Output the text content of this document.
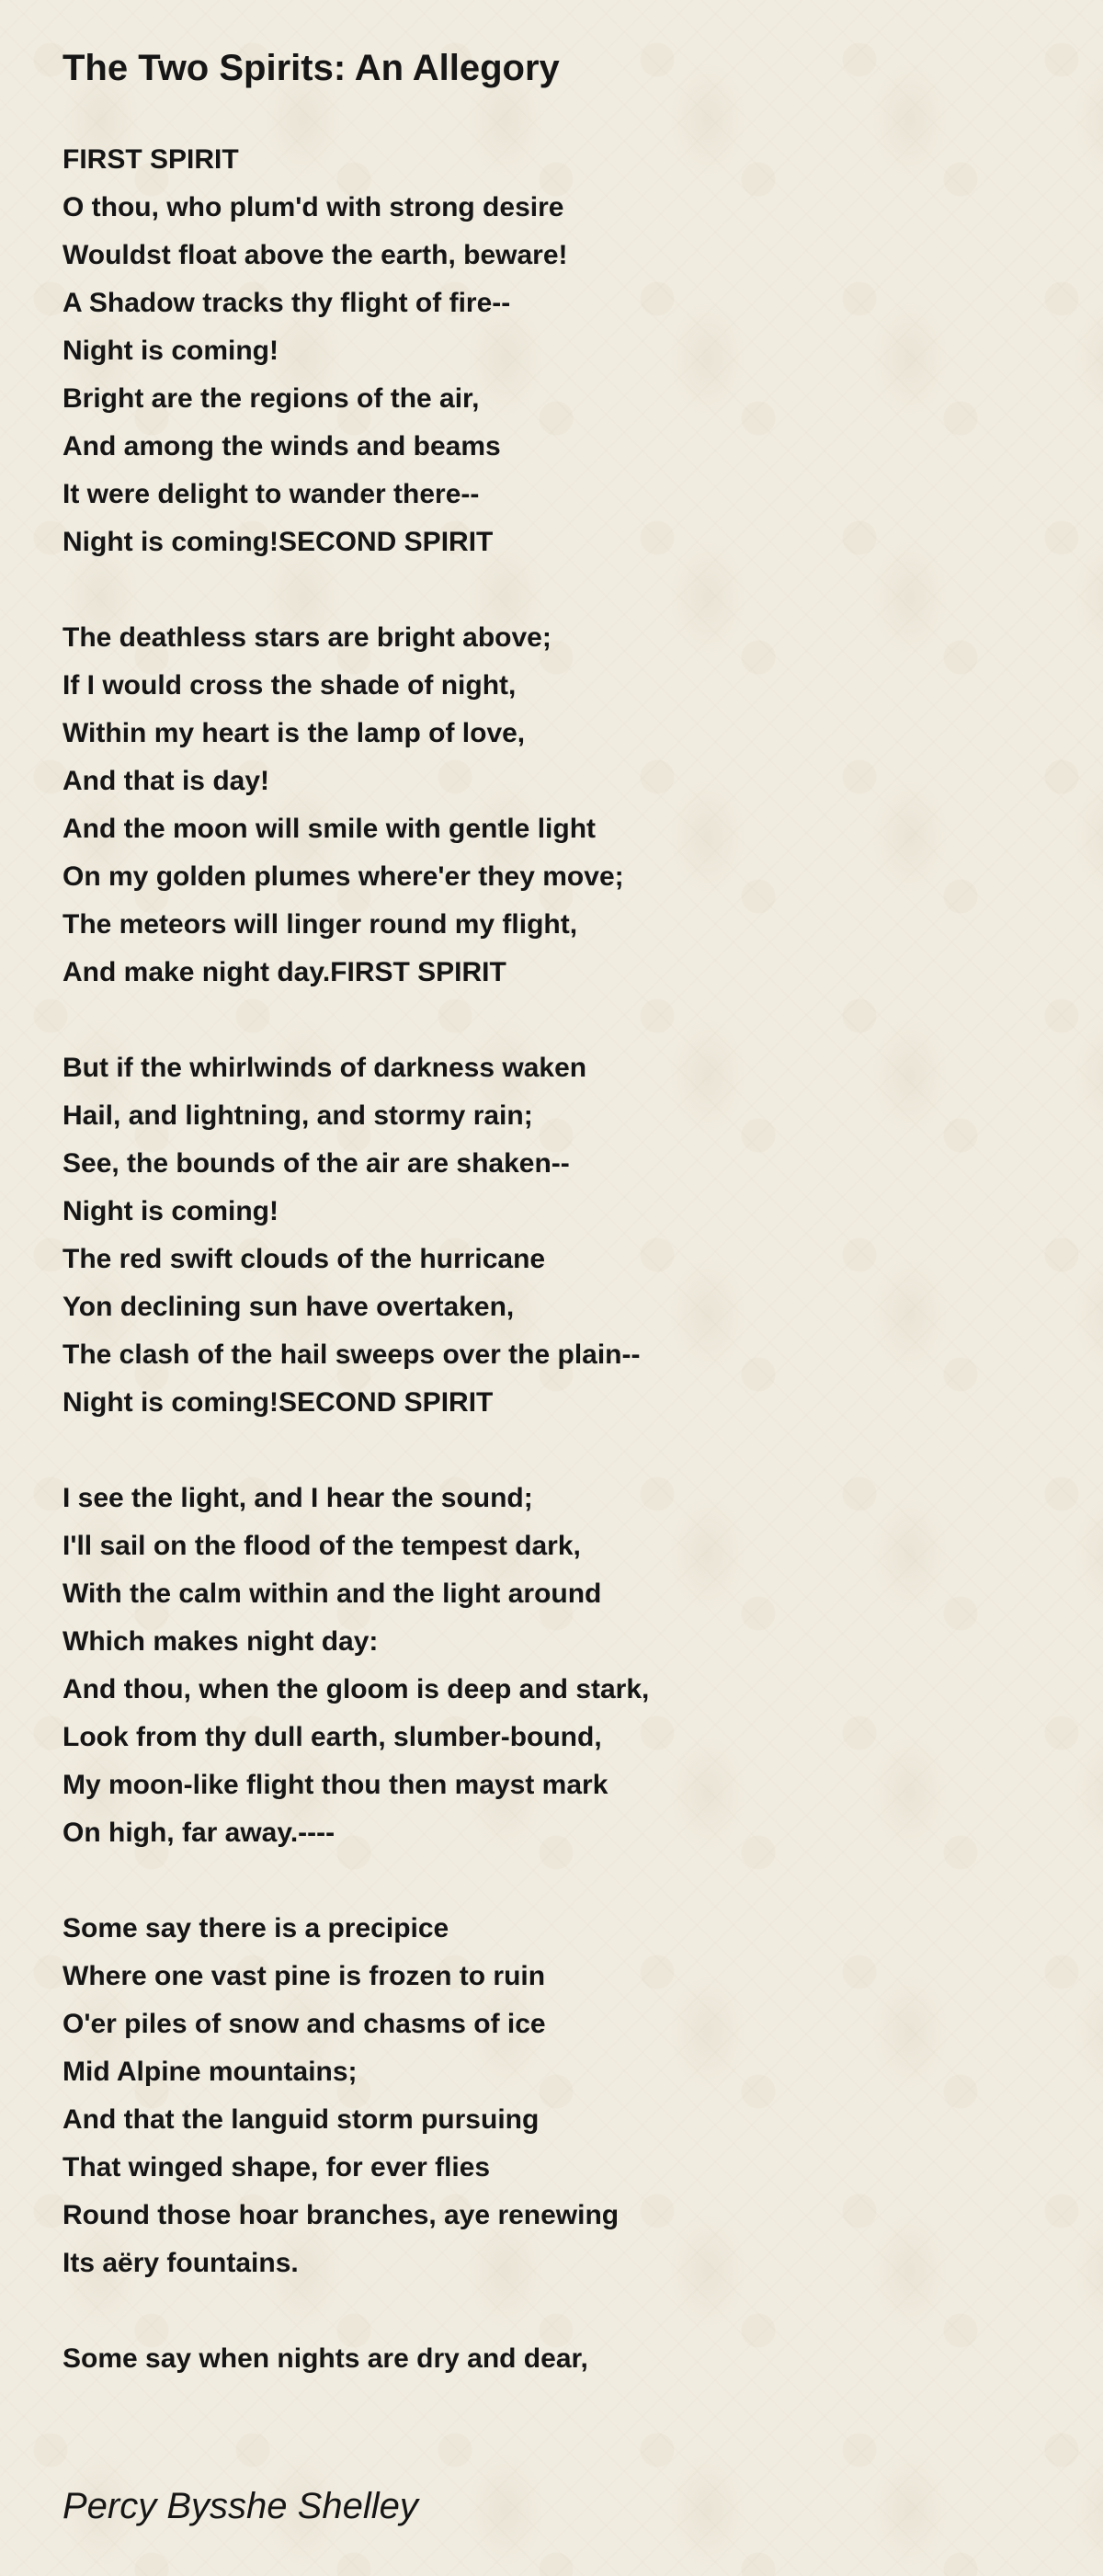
The Two Spirits: An Allegory
FIRST SPIRIT
O thou, who plum'd with strong desire
Wouldst float above the earth, beware!
A Shadow tracks thy flight of fire--
Night is coming!
Bright are the regions of the air,
And among the winds and beams
It were delight to wander there--
Night is coming!SECOND SPIRIT
The deathless stars are bright above;
If I would cross the shade of night,
Within my heart is the lamp of love,
And that is day!
And the moon will smile with gentle light
On my golden plumes where'er they move;
The meteors will linger round my flight,
And make night day.FIRST SPIRIT
But if the whirlwinds of darkness waken
Hail, and lightning, and stormy rain;
See, the bounds of the air are shaken--
Night is coming!
The red swift clouds of the hurricane
Yon declining sun have overtaken,
The clash of the hail sweeps over the plain--
Night is coming!SECOND SPIRIT
I see the light, and I hear the sound;
I'll sail on the flood of the tempest dark,
With the calm within and the light around
Which makes night day:
And thou, when the gloom is deep and stark,
Look from thy dull earth, slumber-bound,
My moon-like flight thou then mayst mark
On high, far away.----
Some say there is a precipice
Where one vast pine is frozen to ruin
O'er piles of snow and chasms of ice
Mid Alpine mountains;
And that the languid storm pursuing
That winged shape, for ever flies
Round those hoar branches, aye renewing
Its aëry fountains.
Some say when nights are dry and dear,

Percy Bysshe Shelley
